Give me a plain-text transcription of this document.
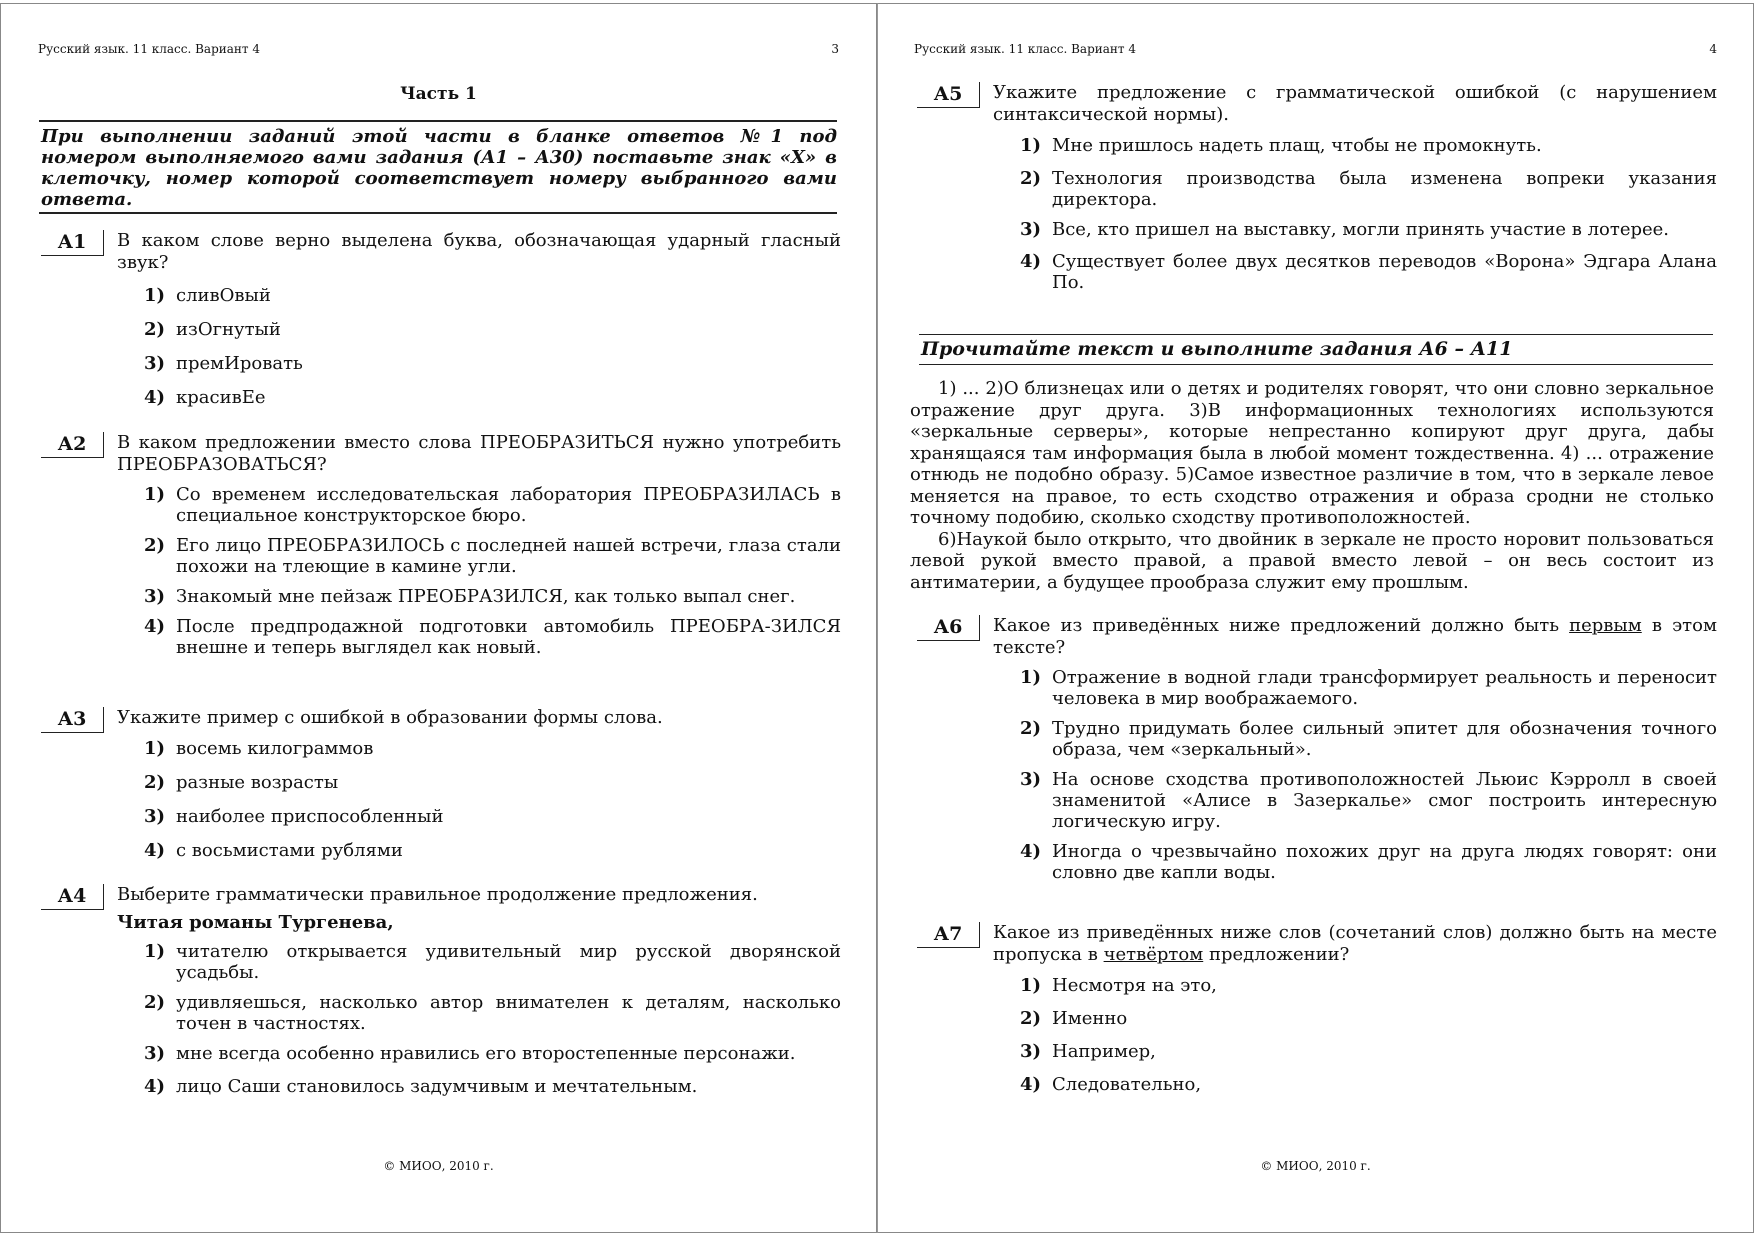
Русский язык. 11 класс. Вариант 4	3
Часть 1
При выполнении заданий этой части в бланке ответов №1 под номером выполняемого вами задания (А1 – А30) поставьте знак «Х» в клеточку, номер которой соответствует номеру выбранного вами ответа.
А1	В каком слове верно выделена буква, обозначающая ударный гласный звук?
1) сливОвый
2) изОгнутый
3) премИровать
4) красивЕе
А2	В каком предложении вместо слова ПРЕОБРАЗИТЬСЯ нужно употребить ПРЕОБРАЗОВАТЬСЯ?
1) Со временем исследовательская лаборатория ПРЕОБРАЗИЛАСЬ в специальное конструкторское бюро.
2) Его лицо ПРЕОБРАЗИЛОСЬ с последней нашей встречи, глаза стали похожи на тлеющие в камине угли.
3) Знакомый мне пейзаж ПРЕОБРАЗИЛСЯ, как только выпал снег.
4) После предпродажной подготовки автомобиль ПРЕОБРА-ЗИЛСЯ внешне и теперь выглядел как новый.
А3	Укажите пример с ошибкой в образовании формы слова.
1) восемь килограммов
2) разные возрасты
3) наиболее приспособленный
4) с восьмистами рублями
А4	Выберите грамматически правильное продолжение предложения.
Читая романы Тургенева,
1) читателю открывается удивительный мир русской дворянской усадьбы.
2) удивляешься, насколько автор внимателен к деталям, насколько точен в частностях.
3) мне всегда особенно нравились его второстепенные персонажи.
4) лицо Саши становилось задумчивым и мечтательным.
© МИОО, 2010 г.
Русский язык. 11 класс. Вариант 4	4
А5	Укажите предложение с грамматической ошибкой (с нарушением синтаксической нормы).
1) Мне пришлось надеть плащ, чтобы не промокнуть.
2) Технология производства была изменена вопреки указания директора.
3) Все, кто пришел на выставку, могли принять участие в лотерее.
4) Существует более двух десятков переводов «Ворона» Эдгара Алана По.
Прочитайте текст и выполните задания А6 – А11

1) ... 2)О близнецах или о детях и родителях говорят, что они словно зеркальное отражение друг друга. 3)В информационных технологиях используются «зеркальные серверы», которые непрестанно копируют друг друга, дабы хранящаяся там информация была в любой момент тождественна. 4) ... отражение отнюдь не подобно образу. 5)Самое известное различие в том, что в зеркале левое меняется на правое, то есть сходство отражения и образа сродни не столько точному подобию, сколько сходству противоположностей.

6)Наукой было открыто, что двойник в зеркале не просто норовит пользоваться левой рукой вместо правой, а правой вместо левой – он весь состоит из антиматерии, а будущее прообраза служит ему прошлым.

А6	Какое из приведённых ниже предложений должно быть первым в этом тексте?
1) Отражение в водной глади трансформирует реальность и переносит человека в мир воображаемого.
2) Трудно придумать более сильный эпитет для обозначения точного образа, чем «зеркальный».
3) На основе сходства противоположностей Льюис Кэрролл в своей знаменитой «Алисе в Зазеркалье» смог построить интересную логическую игру.
4) Иногда о чрезвычайно похожих друг на друга людях говорят: они словно две капли воды.
А7	Какое из приведённых ниже слов (сочетаний слов) должно быть на месте пропуска в четвёртом предложении?
1) Несмотря на это,
2) Именно
3) Например,
4) Следовательно,
© МИОО, 2010 г.
